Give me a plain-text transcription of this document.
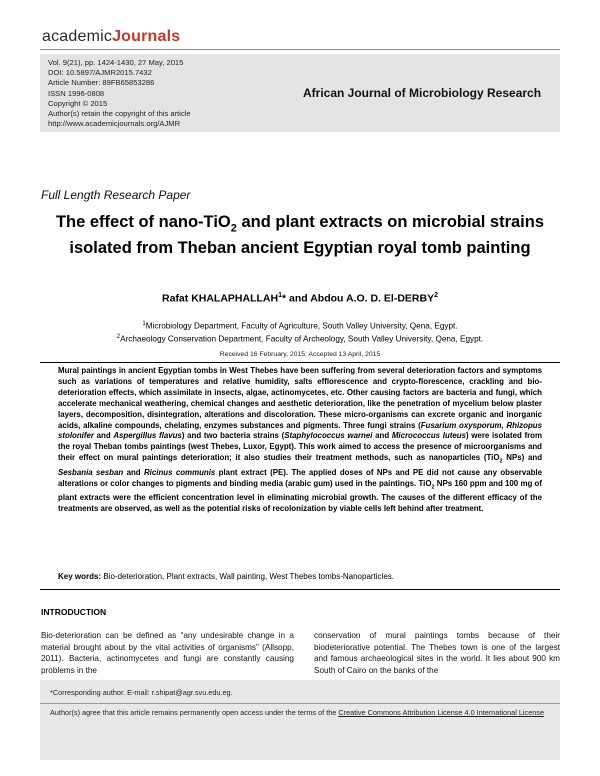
academicJournals
Vol. 9(21), pp. 1424-1430, 27 May, 2015
DOI: 10.5897/AJMR2015.7432
Article Number: 89FB65853286
ISSN 1996-0808
Copyright © 2015
Author(s) retain the copyright of this article
http://www.academicjournals.org/AJMR
African Journal of Microbiology Research
Full Length Research Paper
The effect of nano-TiO$_2$ and plant extracts on microbial strains isolated from Theban ancient Egyptian royal tomb painting
Rafat KHALAPHALLAH$^1$* and Abdou A.O. D. El-DERBY$^2$
$^1$Microbiology Department, Faculty of Agriculture, South Valley University, Qena, Egypt.
$^2$Archaeology Conservation Department, Faculty of Archeology, South Valley University, Qena, Egypt.
Received 16 February, 2015; Accepted 13 April, 2015
Mural paintings in ancient Egyptian tombs in West Thebes have been suffering from several deterioration factors and symptoms such as variations of temperatures and relative humidity, salts efflorescence and crypto-florescence, crackling and bio-deterioration effects, which assimilate in insects, algae, actinomycetes, etc. Other causing factors are bacteria and fungi, which accelerate mechanical weathering, chemical changes and aesthetic deterioration, like the penetration of mycelium below plaster layers, decomposition, disintegration, alterations and discoloration. These micro-organisms can excrete organic and inorganic acids, alkaline compounds, chelating, enzymes substances and pigments. Three fungi strains (Fusarium oxysporum, Rhizopus stolonifer and Aspergillus flavus) and two bacteria strains (Staphylococcus warnei and Micrococcus luteus) were isolated from the royal Theban tombs paintings (west Thebes, Luxor, Egypt). This work aimed to access the presence of microorganisms and their effect on mural paintings deterioration; it also studies their treatment methods, such as nanoparticles (TiO$_2$ NPs) and Sesbania sesban and Ricinus communis plant extract (PE). The applied doses of NPs and PE did not cause any observable alterations or color changes to pigments and binding media (arabic gum) used in the paintings. TiO$_2$ NPs 160 ppm and 100 mg of plant extracts were the efficient concentration level in eliminating microbial growth. The causes of the different efficacy of the treatments are observed, as well as the potential risks of recolonization by viable cells left behind after treatment.
Key words: Bio-deterioration, Plant extracts, Wall painting, West Thebes tombs-Nanoparticles.
INTRODUCTION
Bio-deterioration can be defined as “any undesirable change in a material brought about by the vital activities of organisms” (Allsopp, 2011). Bacteria, actinomycetes and fungi are constantly causing problems in the
conservation of mural paintings tombs because of their biodeteriorative potential. The Thebes town is one of the largest and famous archaeological sites in the world. It lies about 900 km South of Cairo on the banks of the
*Corresponding author. E-mail: r.shipat@agr.svu.edu.eg.
Author(s) agree that this article remains permanently open access under the terms of the Creative Commons Attribution License 4.0 International License
